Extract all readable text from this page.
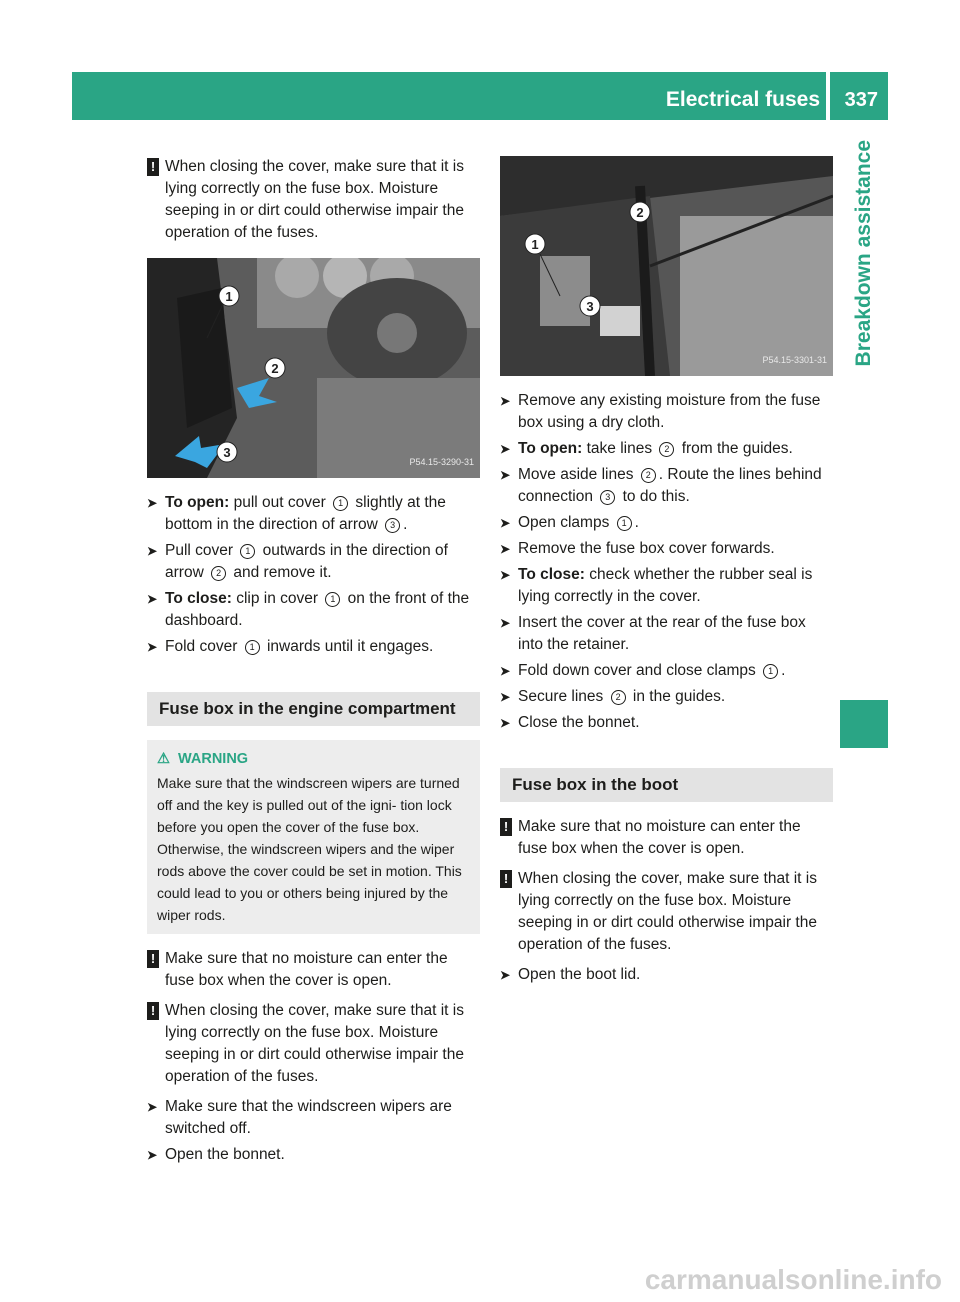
Electrical fuses 337
Breakdown assistance
! When closing the cover, make sure that it is lying correctly on the fuse box. Moisture seeping in or dirt could otherwise impair the operation of the fuses.
1
2
3
P54.15-3290-31
➤ To open: pull out cover 1 slightly at the bottom in the direction of arrow 3 .
➤ Pull cover 1 outwards in the direction of arrow 2 and remove it.
➤ To close: clip in cover 1 on the front of the dashboard.
➤ Fold cover 1 inwards until it engages.
Fuse box in the engine compartment
⚠ WARNING
Make sure that the windscreen wipers are turned off and the key is pulled out of the igni- tion lock before you open the cover of the fuse box. Otherwise, the windscreen wipers and the wiper rods above the cover could be set in motion. This could lead to you or others being injured by the wiper rods.
! Make sure that no moisture can enter the fuse box when the cover is open.
! When closing the cover, make sure that it is lying correctly on the fuse box. Moisture seeping in or dirt could otherwise impair the operation of the fuses.
➤ Make sure that the windscreen wipers are switched off.
➤ Open the bonnet.
1
2
3
P54.15-3301-31
➤ Remove any existing moisture from the fuse box using a dry cloth.
➤ To open: take lines 2 from the guides.
➤ Move aside lines 2 . Route the lines behind connection 3 to do this.
➤ Open clamps 1 .
➤ Remove the fuse box cover forwards.
➤ To close: check whether the rubber seal is lying correctly in the cover.
➤ Insert the cover at the rear of the fuse box into the retainer.
➤ Fold down cover and close clamps 1 .
➤ Secure lines 2 in the guides.
➤ Close the bonnet.
Fuse box in the boot
! Make sure that no moisture can enter the fuse box when the cover is open.
! When closing the cover, make sure that it is lying correctly on the fuse box. Moisture seeping in or dirt could otherwise impair the operation of the fuses.
➤ Open the boot lid.
carmanualsonline.info
